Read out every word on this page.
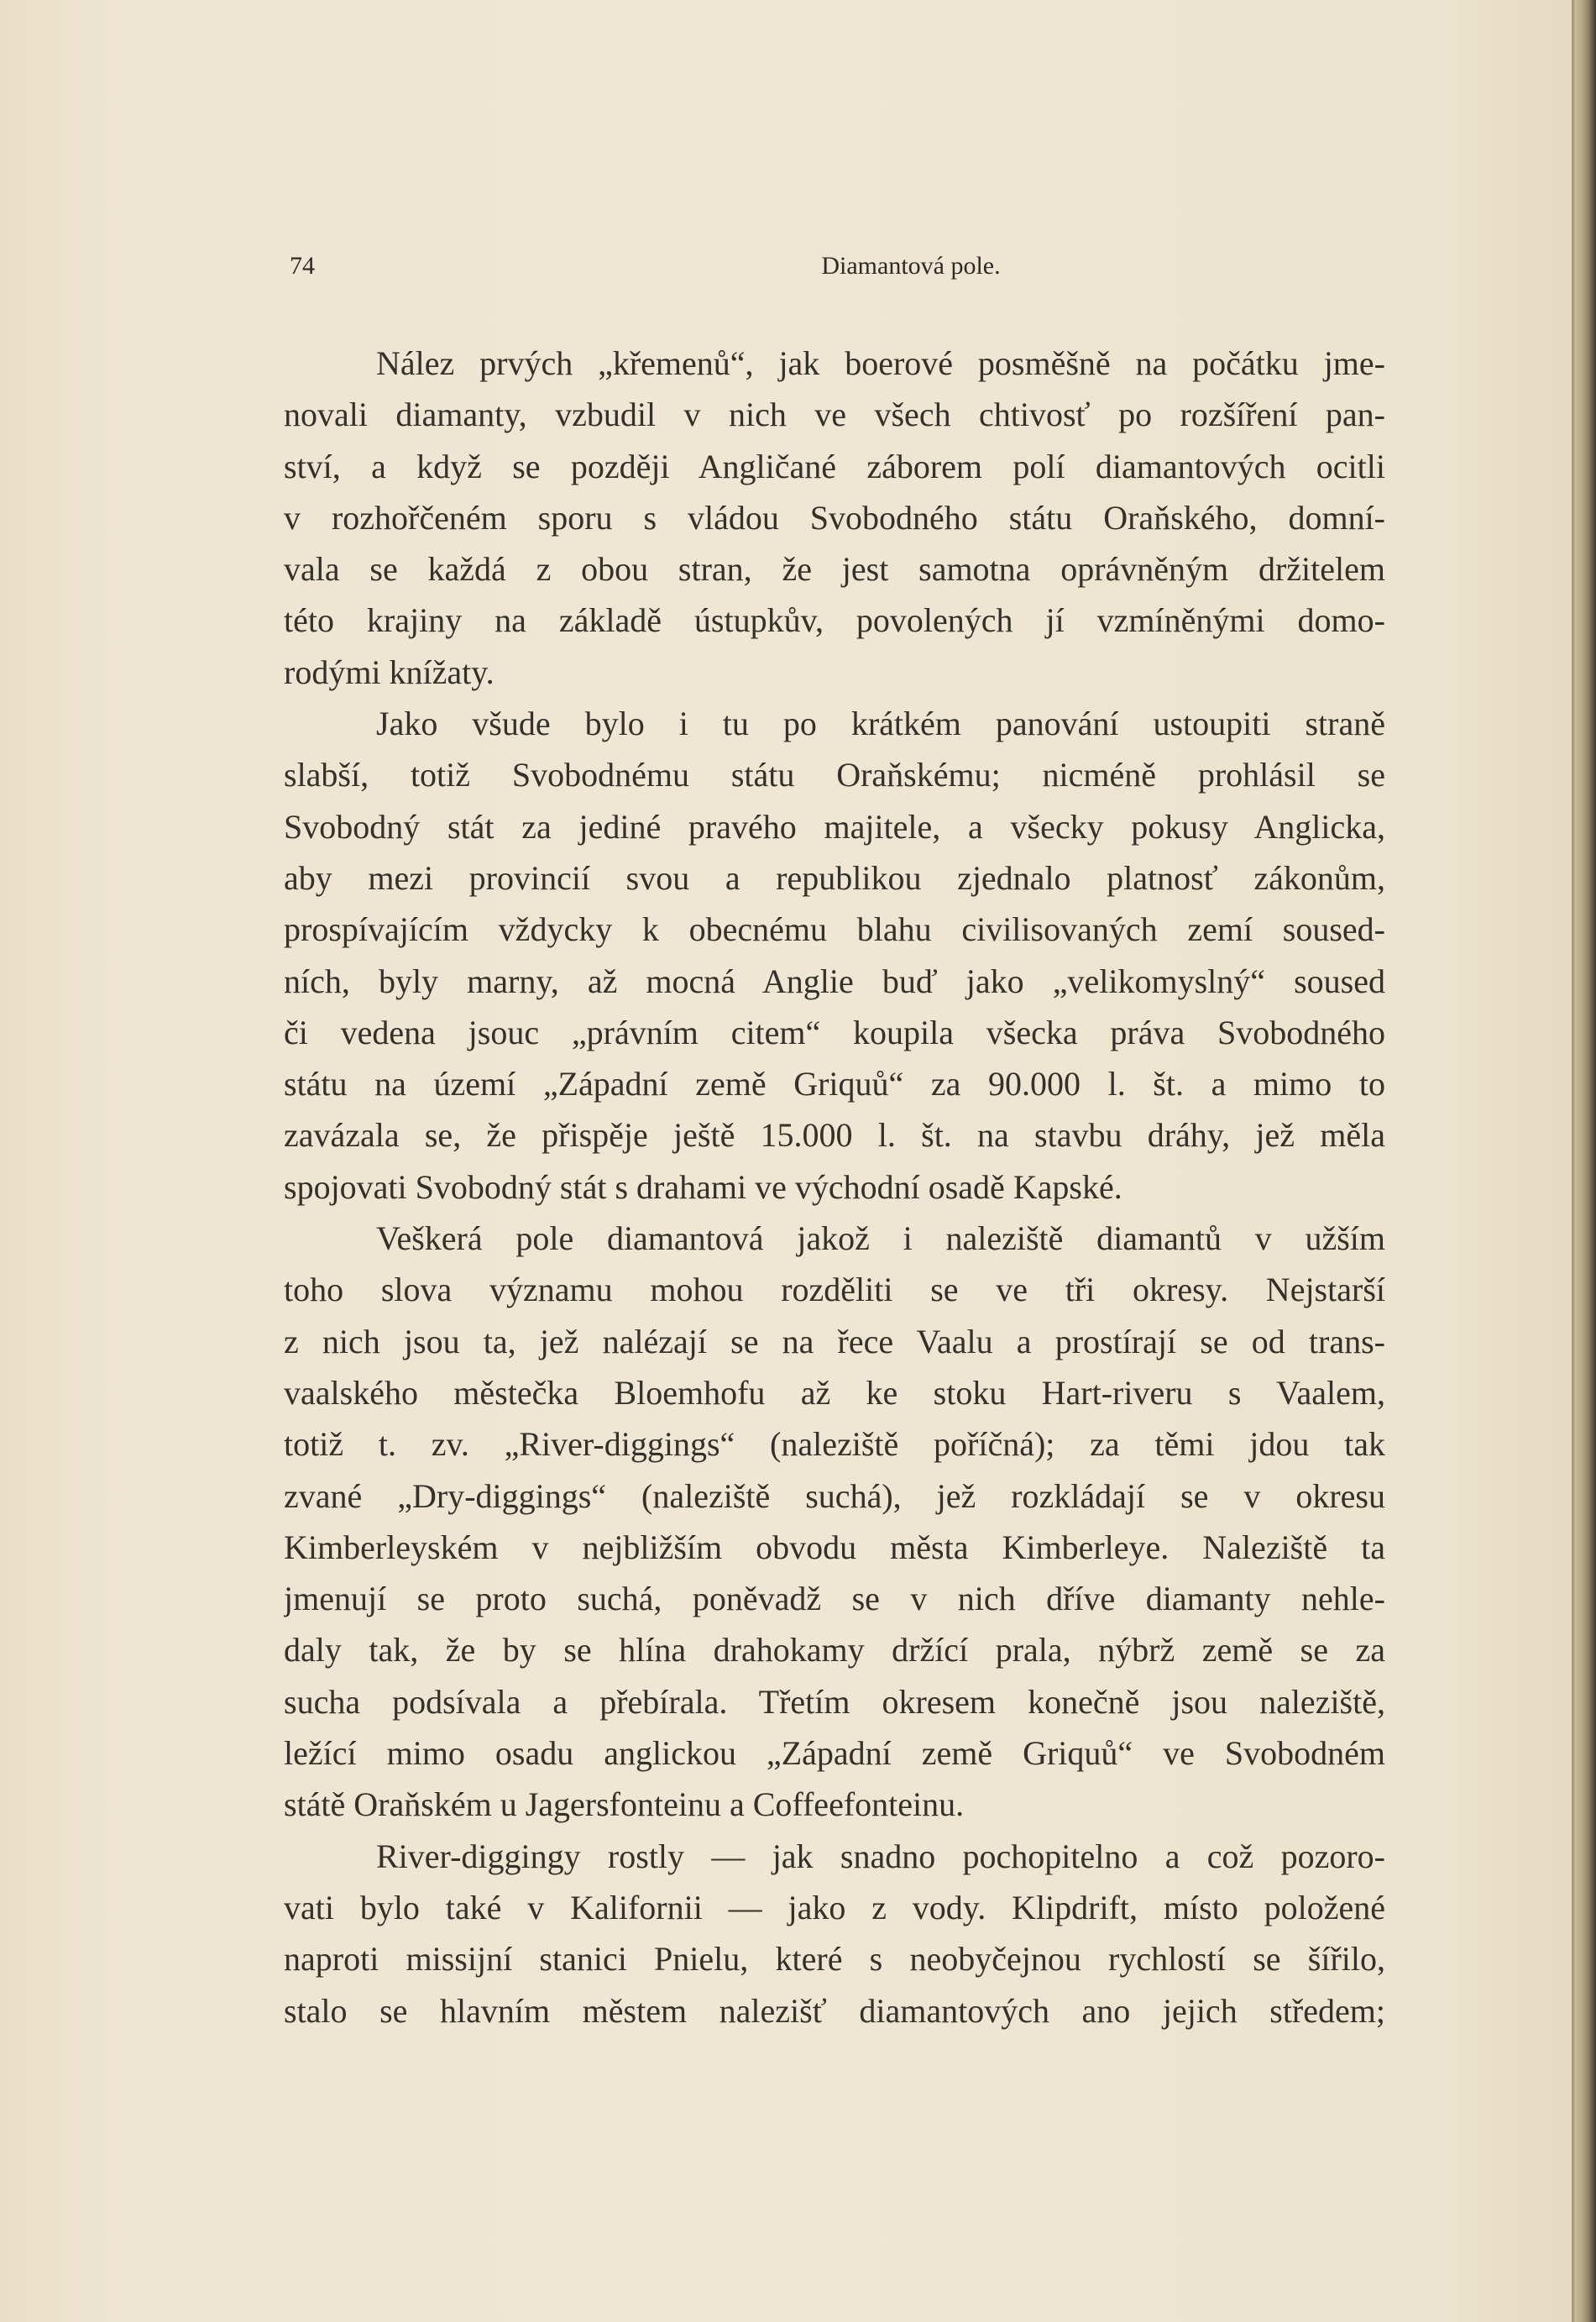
74	Diamantová pole.
Nález prvých „křemenů“, jak boerové posměšně na počátku jme-
novali diamanty, vzbudil v nich ve všech chtivosť po rozšíření pan-
ství, a když se později Angličané záborem polí diamantových ocitli
v rozhořčeném sporu s vládou Svobodného státu Oraňského, domní-
vala se každá z obou stran, že jest samotna oprávněným držitelem
této krajiny na základě ústupkův, povolených jí vzmíněnými domo-
rodými knížaty.
Jako všude bylo i tu po krátkém panování ustoupiti straně
slabší, totiž Svobodnému státu Oraňskému; nicméně prohlásil se
Svobodný stát za jediné pravého majitele, a všecky pokusy Anglicka,
aby mezi provincií svou a republikou zjednalo platnosť zákonům,
prospívajícím vždycky k obecnému blahu civilisovaných zemí soused-
ních, byly marny, až mocná Anglie buď jako „velikomyslný“ soused
či vedena jsouc „právním citem“ koupila všecka práva Svobodného
státu na území „Západní země Griquů“ za 90.000 l. št. a mimo to
zavázala se, že přispěje ještě 15.000 l. št. na stavbu dráhy, jež měla
spojovati Svobodný stát s drahami ve východní osadě Kapské.
Veškerá pole diamantová jakož i naleziště diamantů v užším
toho slova významu mohou rozděliti se ve tři okresy. Nejstarší
z nich jsou ta, jež nalézají se na řece Vaalu a prostírají se od trans-
vaalského městečka Bloemhofu až ke stoku Hart-riveru s Vaalem,
totiž t. zv. „River-diggings“ (naleziště poříčná); za těmi jdou tak
zvané „Dry-diggings“ (naleziště suchá), jež rozkládají se v okresu
Kimberleyském v nejbližším obvodu města Kimberleye. Naleziště ta
jmenují se proto suchá, poněvadž se v nich dříve diamanty nehle-
daly tak, že by se hlína drahokamy držící prala, nýbrž země se za
sucha podsívala a přebírala. Třetím okresem konečně jsou naleziště,
ležící mimo osadu anglickou „Západní země Griquů“ ve Svobodném
státě Oraňském u Jagersfonteinu a Coffeefonteinu.
River-diggingy rostly — jak snadno pochopitelno a což pozoro-
vati bylo také v Kalifornii — jako z vody. Klipdrift, místo položené
naproti missijní stanici Pnielu, které s neobyčejnou rychlostí se šířilo,
stalo se hlavním městem nalezišť diamantových ano jejich středem;
